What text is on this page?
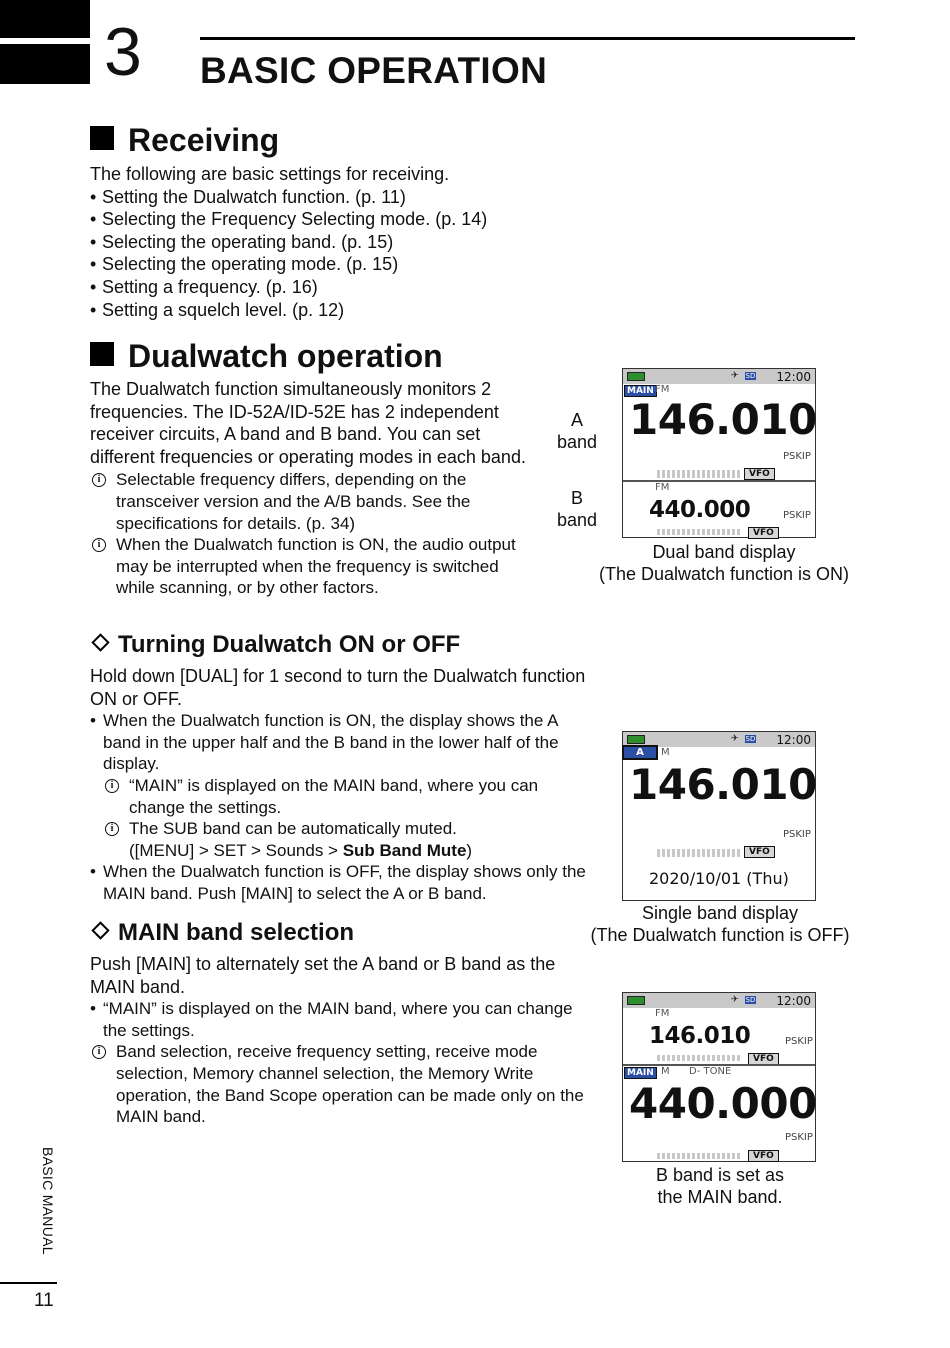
3 BASIC OPERATION
Receiving
The following are basic settings for receiving.
• Setting the Dualwatch function. (p. 11)
• Selecting the Frequency Selecting mode. (p. 14)
• Selecting the operating band. (p. 15)
• Selecting the operating mode. (p. 15)
• Setting a frequency. (p. 16)
• Setting a squelch level. (p. 12)
Dualwatch operation
The Dualwatch function simultaneously monitors 2 frequencies. The ID-52A/ID-52E has 2 independent receiver circuits, A band and B band. You can set different frequencies or operating modes in each band.
i Selectable frequency differs, depending on the transceiver version and the A/B bands. See the specifications for details. (p. 34)
i When the Dualwatch function is ON, the audio output may be interrupted when the frequency is switched while scanning, or by other factors.
A
band
B
band
✈ SD 12:00
MAIN FM
146.010
PSKIP
VFO
FM
440.000	PSKIP
VFO
Dual band display
(The Dualwatch function is ON)
Turning Dualwatch ON or OFF
Hold down [DUAL] for 1 second to turn the Dualwatch function ON or OFF.
• When the Dualwatch function is ON, the display shows the A band in the upper half and the B band in the lower half of the display.
i “MAIN” is displayed on the MAIN band, where you can change the settings.
i The SUB band can be automatically muted.
([MENU] > SET > Sounds > Sub Band Mute)
• When the Dualwatch function is OFF, the display shows only the MAIN band. Push [MAIN] to select the A or B band.
✈ SD 12:00
A	M
146.010
PSKIP
VFO
2020/10/01 (Thu)
Single band display
(The Dualwatch function is OFF)
MAIN band selection
Push [MAIN] to alternately set the A band or B band as the MAIN band.
• “MAIN” is displayed on the MAIN band, where you can change the settings.
i Band selection, receive frequency setting, receive mode selection, Memory channel selection, the Memory Write operation, the Band Scope operation can be made only on the MAIN band.
✈ SD 12:00
FM
146.010	PSKIP
VFO
MAIN M D- TONE
440.000
PSKIP
VFO
B band is set as
the MAIN band.
BASIC MANUAL
11
